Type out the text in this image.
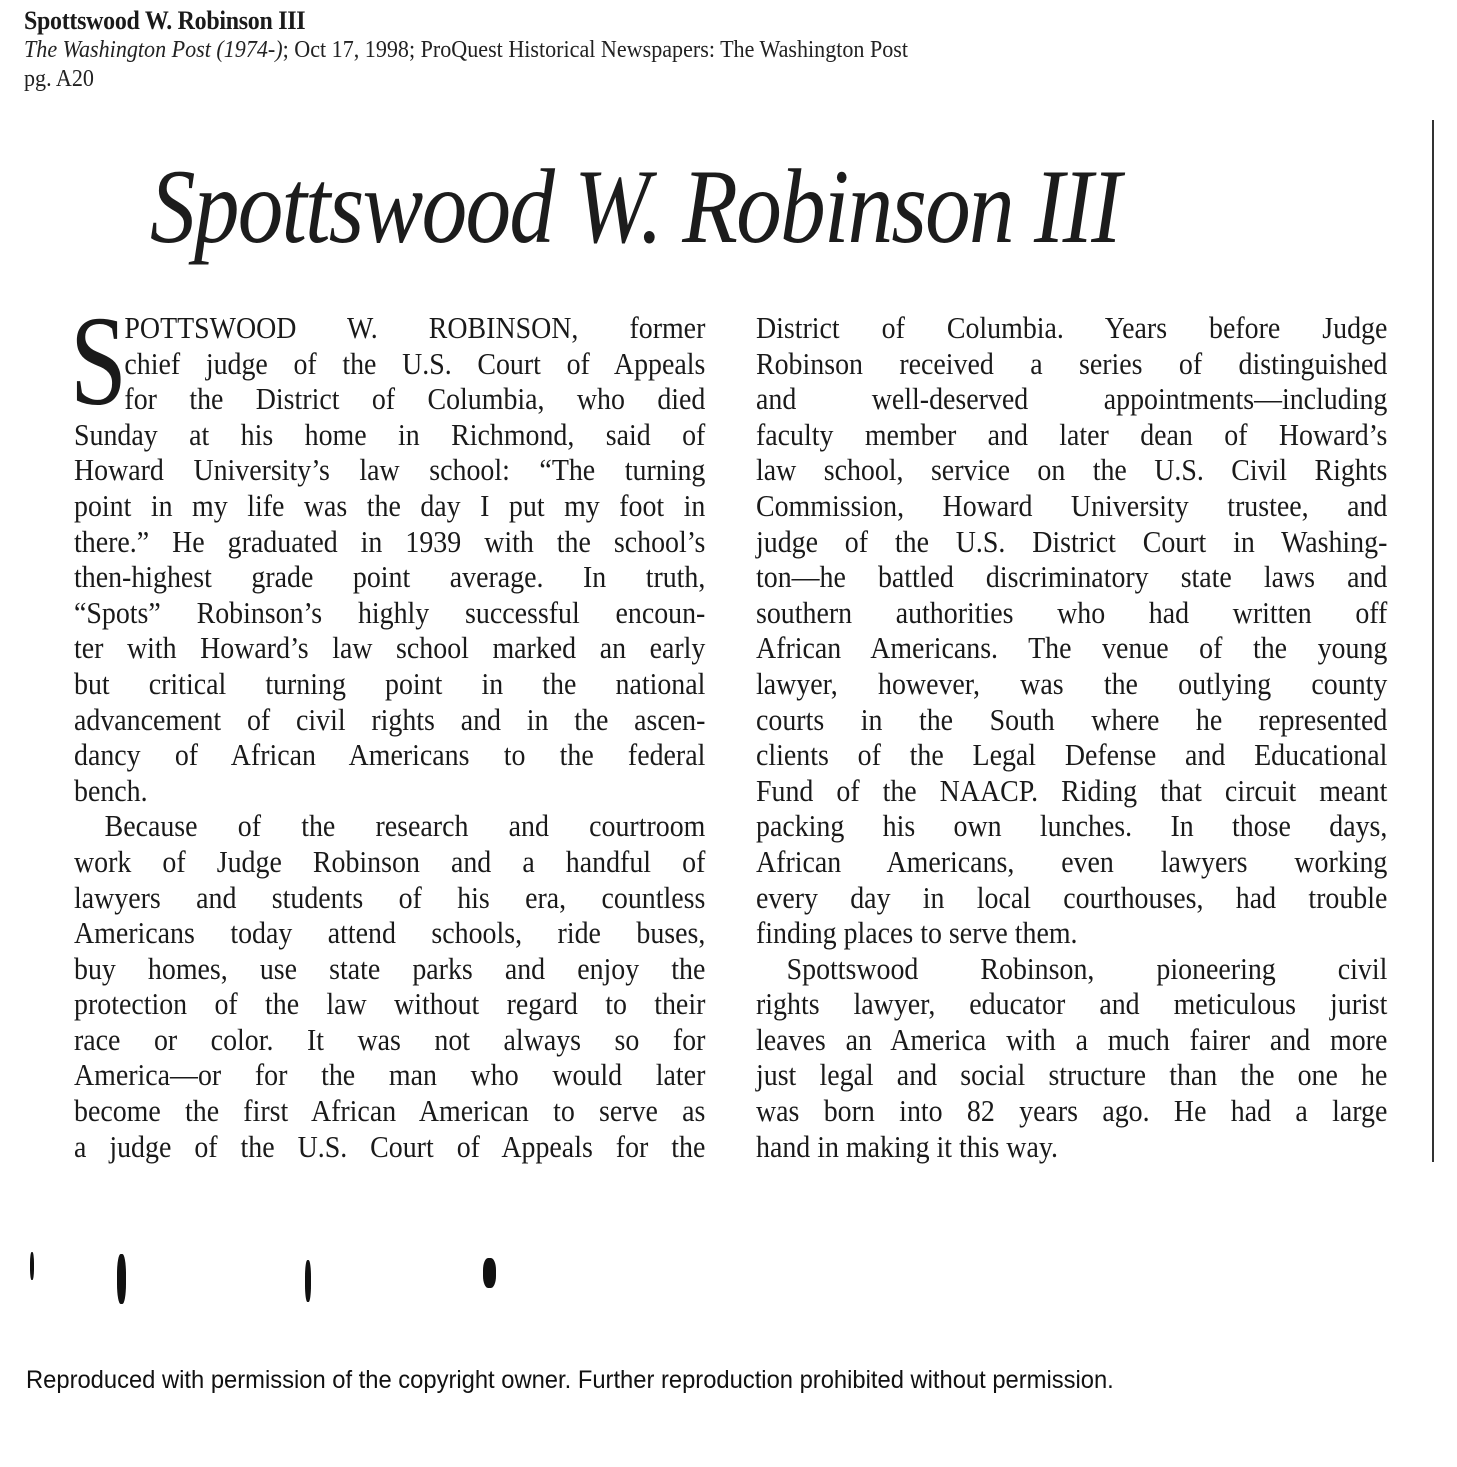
Spottswood W. Robinson III
The Washington Post (1974-); Oct 17, 1998; ProQuest Historical Newspapers: The Washington Post
pg. A20
Spottswood W. Robinson III
S
POTTSWOOD W. ROBINSON, former
chief judge of the U.S. Court of Appeals
for the District of Columbia, who died
Sunday at his home in Richmond, said of
Howard University’s law school: “The turning
point in my life was the day I put my foot in
there.” He graduated in 1939 with the school’s
then-highest grade point average. In truth,
“Spots” Robinson’s highly successful encoun-
ter with Howard’s law school marked an early
but critical turning point in the national
advancement of civil rights and in the ascen-
dancy of African Americans to the federal
bench.
Because of the research and courtroom
work of Judge Robinson and a handful of
lawyers and students of his era, countless
Americans today attend schools, ride buses,
buy homes, use state parks and enjoy the
protection of the law without regard to their
race or color. It was not always so for
America—or for the man who would later
become the first African American to serve as
a judge of the U.S. Court of Appeals for the
District of Columbia. Years before Judge
Robinson received a series of distinguished
and well-deserved appointments—including
faculty member and later dean of Howard’s
law school, service on the U.S. Civil Rights
Commission, Howard University trustee, and
judge of the U.S. District Court in Washing-
ton—he battled discriminatory state laws and
southern authorities who had written off
African Americans. The venue of the young
lawyer, however, was the outlying county
courts in the South where he represented
clients of the Legal Defense and Educational
Fund of the NAACP. Riding that circuit meant
packing his own lunches. In those days,
African Americans, even lawyers working
every day in local courthouses, had trouble
finding places to serve them.
Spottswood Robinson, pioneering civil
rights lawyer, educator and meticulous jurist
leaves an America with a much fairer and more
just legal and social structure than the one he
was born into 82 years ago. He had a large
hand in making it this way.
Reproduced with permission of the copyright owner. Further reproduction prohibited without permission.
